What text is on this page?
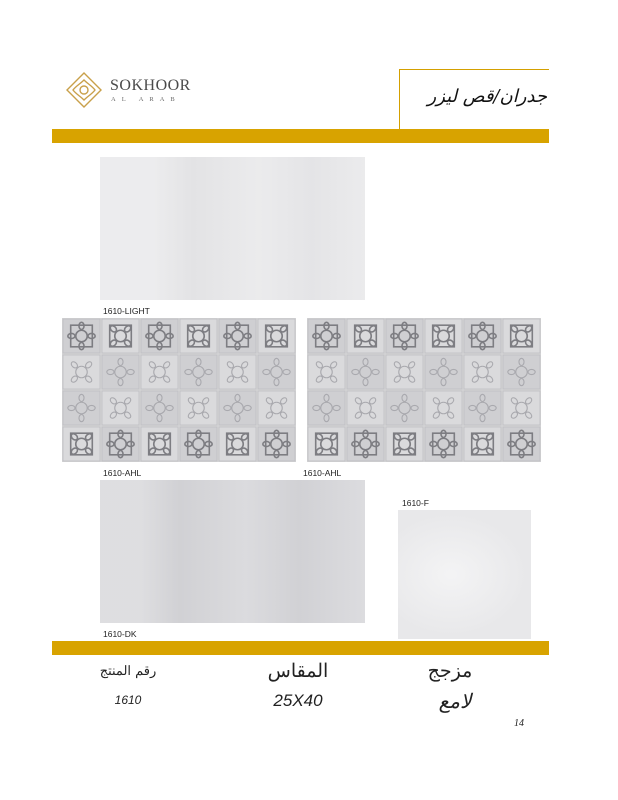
SOKHOOR
AL ARAB	جدران/قص ليزر
1610-LIGHT
1610-AHL	1610-AHL
1610-DK
1610-F
رقم المنتج	المقاس	مزجج
1610	25X40	لامع
14
